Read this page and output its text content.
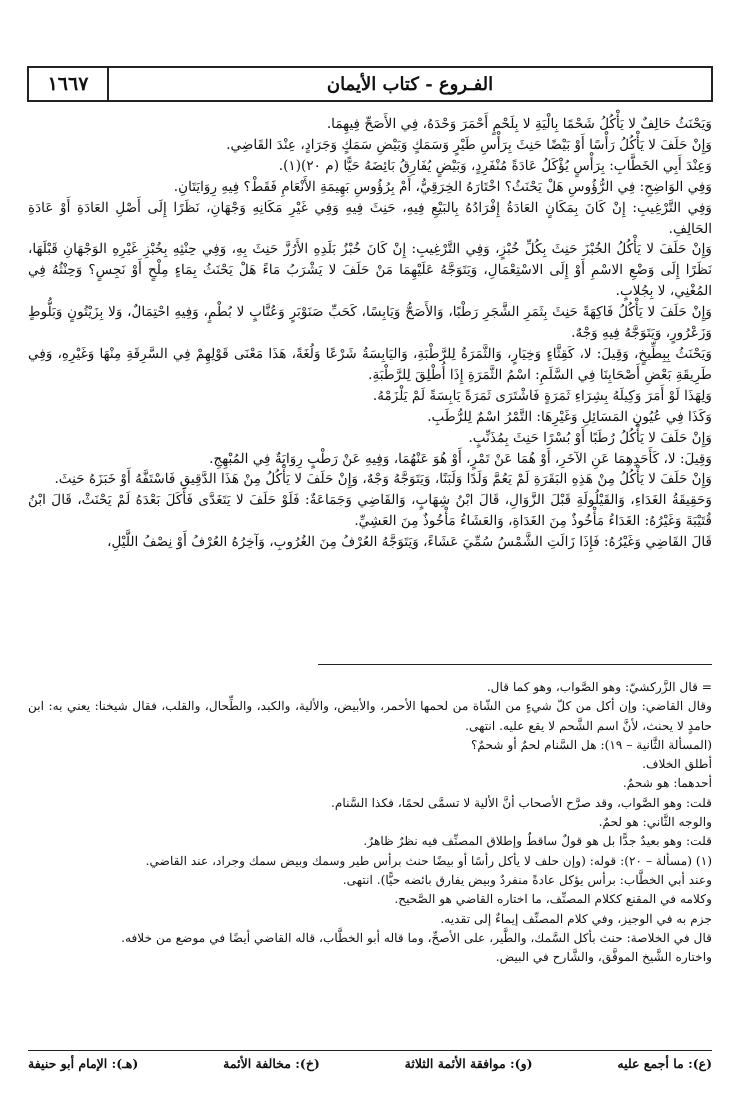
١٦٦٧	الفـروع - كتاب الأيمان

وَيَحْنَثُ حَالِفٌ لا يَأْكُلُ شَحْمًا بِالْيَةِ لا بِلَحْمٍ أَحْمَرَ وَحْدَهُ، فِي الأَصَحِّ فِيهِمَا.

وَإِنْ حَلَفَ لا يَأْكُلُ رَأْسًا أَوْ بَيْضًا حَنِثَ بِرَأْسِ طَيْرٍ وَسَمَكٍ وَبَيْضِ سَمَكٍ وَجَرَادٍ، عِنْدَ القَاضِي.

وَعِنْدَ أَبِي الخَطَّابِ: بِرَأْسٍ يُؤْكَلُ عَادَةً مُنْفَرِدٍ، وَبَيْضٍ يُفَارِقُ بَائِضَهُ حَيًّا (م ٢٠)(١).

وَفِي الوَاضِحِ: فِي الرُّؤُوسِ هَلْ يَحْنَثُ؟ اخْتَارَهُ الخِرَقِيُّ، أَمْ بِرُؤُوسِ بَهِيمَةِ الأَنْعَامِ فَقَطْ؟ فِيهِ رِوَايَتَانِ.

وَفِي التَّرْغِيبِ: إِنْ كَانَ بِمَكَانٍ العَادَةُ إِفْرَادُهُ بِالبَيْعِ فِيهِ، حَنِثَ فِيهِ وَفِي غَيْرِ مَكَانِهِ وَجْهَانِ، نَظَرًا إِلَى أَصْلِ العَادَةِ أَوْ عَادَةِ الحَالِفِ.

وَإِنْ حَلَفَ لا يَأْكُلُ الخُبْزَ حَنِثَ بِكُلِّ خُبْزٍ، وَفِي التَّرْغِيبِ: إِنْ كَانَ خُبْزُ بَلَدِهِ الأَرُزَّ حَنِثَ بِهِ، وَفِي حِنْثِهِ بِخُبْزِ غَيْرِهِ الوَجْهَانِ قَبْلَهَا، نَظَرًا إِلَى وَضْعِ الاسْمِ أَوْ إِلَى الاسْتِعْمَالِ، وَيَتَوَجَّهُ عَلَيْهِمَا مَنْ حَلَفَ لا يَشْرَبُ مَاءً هَلْ يَحْنَثُ بِمَاءٍ مِلْحٍ أَوْ نَجِسٍ؟ وَحِنْثُهُ فِي المُغْنِي، لا بِجُلابٍ.

وَإِنْ حَلَفَ لا يَأْكُلُ فَاكِهَةً حَنِثَ بِثَمَرِ الشَّجَرِ رَطْبًا، وَالأَصَحُّ وَيَابِسًا، كَحَبِّ صَنَوْبَرٍ وَعُنَّابٍ لا بُطْمٍ، وَفِيهِ احْتِمَالٌ، وَلا بِزَيْتُونٍ وَبَلُّوطٍ وَزَعْرُورٍ، وَيَتَوَجَّهُ فِيهِ وَجْهٌ.

وَيَحْنَثُ بِبِطِّيخٍ، وَقِيلَ: لا، كَقِثَّاءٍ وَخِيَارٍ، وَالثَّمَرَةُ لِلرَّطْبَةِ، وَاليَابِسَةُ شَرْعًا وَلُغَةً، هَذَا مَعْنَى قَوْلِهِمْ فِي السَّرِقَةِ مِنْهَا وَغَيْرِهِ، وَفِي طَرِيقَةِ بَعْضِ أَصْحَابِنَا فِي السَّلَمِ: اسْمُ الثَّمَرَةِ إِذَا أُطْلِقَ لِلرَّطْبَةِ.

وَلِهَذَا لَوْ أَمَرَ وَكِيلَهُ بِشِرَاءِ ثَمَرَةٍ فَاشْتَرَى ثَمَرَةً يَابِسَةً لَمْ يَلْزَمْهُ.

وَكَذَا فِي عُيُونِ المَسَائِلِ وَغَيْرِهَا: التَّمْرُ اسْمٌ لِلرُّطَبِ.

وَإِنْ حَلَفَ لا يَأْكُلُ رُطَبًا أَوْ بُسْرًا حَنِثَ بِمُذَنِّبٍ.

وَقِيلَ: لا، كَأَحَدِهِمَا عَنِ الآخَرِ، أَوْ هُمَا عَنْ تَمْرٍ، أَوْ هُوَ عَنْهُمَا، وَفِيهِ عَنْ رَطْبٍ رِوَايَةٌ فِي المُبْهِجِ.

وَإِنْ حَلَفَ لا يَأْكُلُ مِنْ هَذِهِ البَقَرَةِ لَمْ يَعُمَّ وَلَدًا وَلَبَنًا، وَيَتَوَجَّهُ وَجْهٌ، وَإِنْ حَلَفَ لا يَأْكُلُ مِنْ هَذَا الدَّقِيقِ فَاسْتَفَّهُ أَوْ خَبَزَهُ حَنِثَ.

وَحَقِيقَةُ الغَدَاءِ، وَالقَيْلُولَةِ قَبْلَ الزَّوَالِ، قَالَ ابْنُ شِهَابٍ، وَالقَاضِي وَجَمَاعَةٌ: فَلَوْ حَلَفَ لا يَتَغَدَّى فَأَكَلَ بَعْدَهُ لَمْ يَحْنَثْ، قَالَ ابْنُ قُتَيْبَةَ وَغَيْرُهُ: الغَدَاءُ مَأْخُوذٌ مِنَ الغَدَاةِ، وَالعَشَاءُ مَأْخُوذٌ مِنَ العَشِيِّ.

قَالَ القَاضِي وَغَيْرُهُ: فَإِذَا زَالَتِ الشَّمْسُ سُمِّيَ عَشَاءً، وَيَتَوَجَّهُ العُرْفُ مِنَ الغُرُوبِ، وَآخِرُهُ العُرْفُ أَوْ نِصْفُ اللَّيْلِ،

= قال الزَّركشيّ: وهو الصَّواب، وهو كما قال.

وقال القاضي: وإن أكل من كلّ شيءٍ من الشّاة من لحمها الأحمر، والأبيض، والألية، والكبد، والطِّحال، والقلب، فقال شيخنا: يعني به: ابن حامدٍ لا يحنث، لأنَّ اسم الشَّحم لا يقع عليه. انتهى.

(المسألة الثَّانية – ١٩): هل السَّنام لحمٌ أو شحمٌ؟

أطلق الخلاف.

أحدهما: هو شحمٌ.

قلت: وهو الصَّواب، وقد صرَّح الأصحاب أنَّ الألية لا تسمَّى لحمًا، فكذا السَّنام.

والوجه الثَّاني: هو لحمٌ.

قلت: وهو بعيدٌ جدًّا بل هو قولٌ ساقطٌ وإطلاق المصنِّف فيه نظرٌ ظاهرٌ.

(١) (مسألة – ٢٠): قوله: (وإن حلف لا يأكل رأسًا أو بيضًا حنث برأس طير وسمك وبيض سمك وجراد، عند القاضي.

وعند أبي الخطَّاب: برأس يؤكل عادةً منفردٌ وبيض يفارق بائضه حيًّا). انتهى.

وكلامه في المقنع ككلام المصنِّف، ما اختاره القاضي هو الصَّحيح.

جزم به في الوجيز، وفي كلام المصنِّف إيماءٌ إلى تقديه.

قال في الخلاصة: حنث بأكل السَّمك، والطَّير، على الأصحِّ، وما قاله أبو الخطَّاب، قاله القاضي أيضًا في موضع من خلافه.

واختاره الشَّيخ الموفَّق، والشَّارح في البيض.

(ع): ما أجمع عليه
(و): موافقة الأئمة الثلاثة
(خ): مخالفة الأئمة
(هـ): الإمام أبو حنيفة
